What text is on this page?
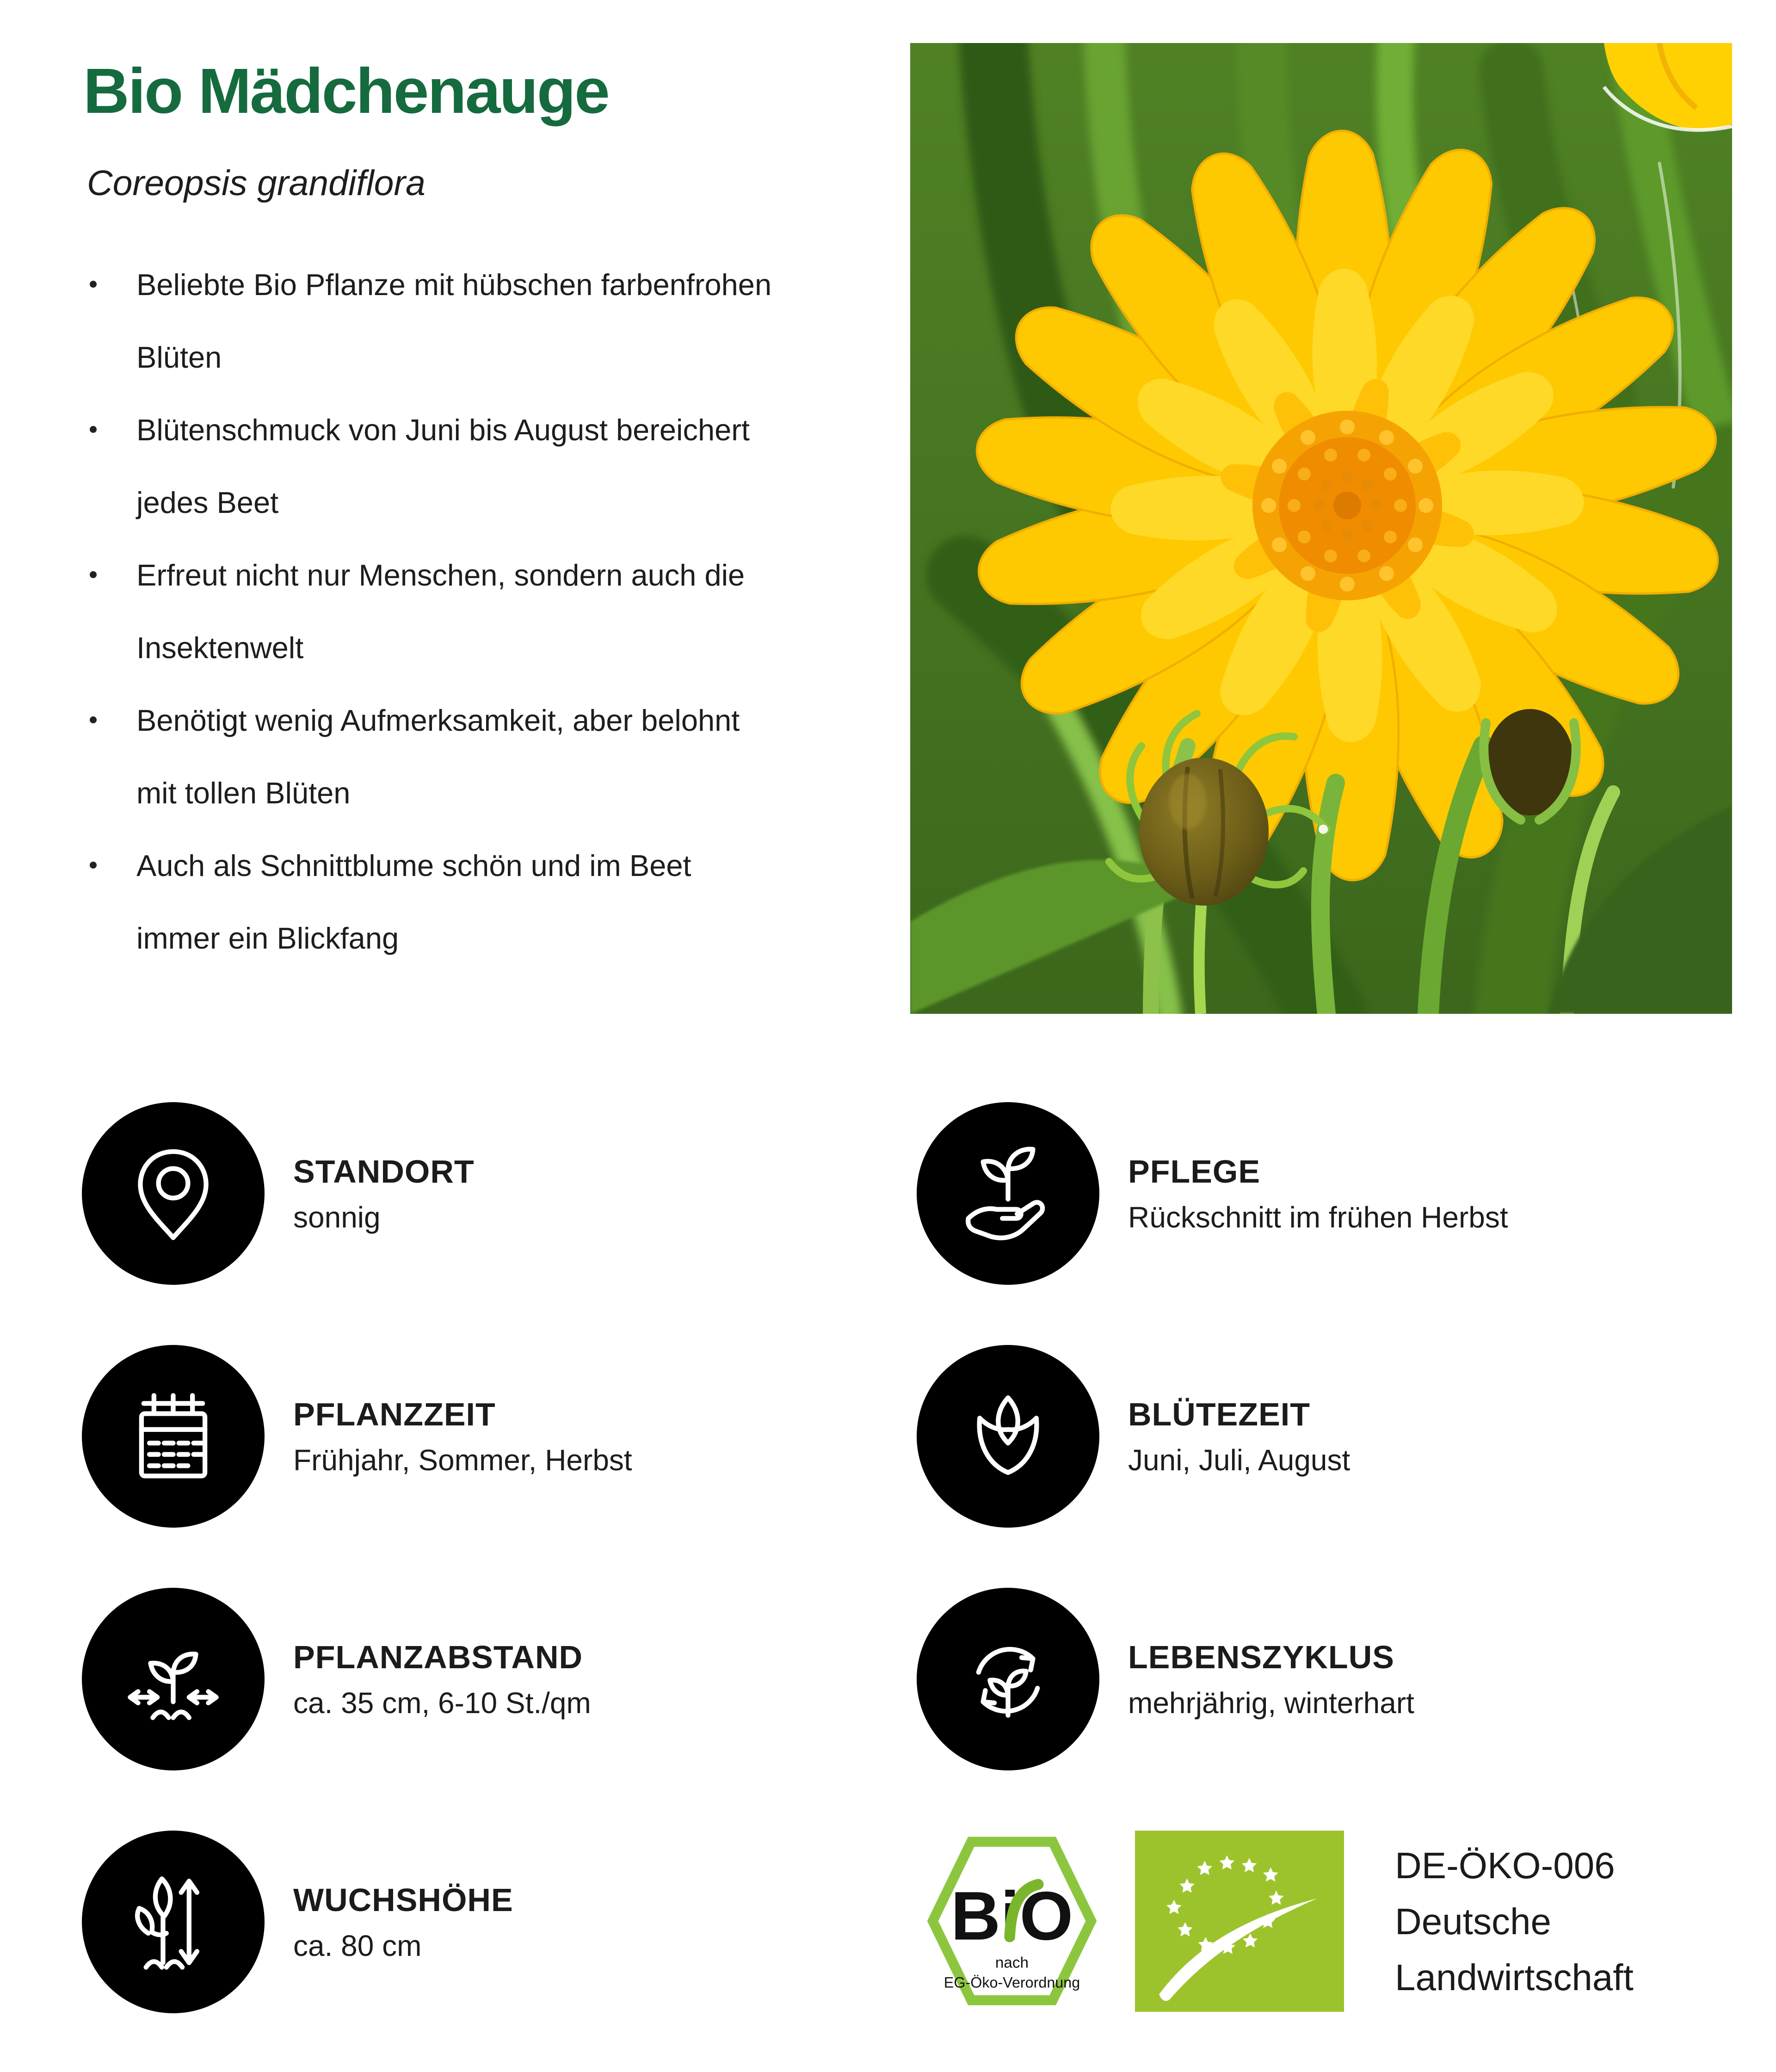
Bio Mädchenauge
Coreopsis grandiflora
Beliebte Bio Pflanze mit hübschen farbenfrohen Blüten
Blütenschmuck von Juni bis August bereichert jedes Beet
Erfreut nicht nur Menschen, sondern auch die Insektenwelt
Benötigt wenig Aufmerksamkeit, aber belohnt mit tollen Blüten
Auch als Schnittblume schön und im Beet immer ein Blickfang
STANDORT
sonnig
PFLANZZEIT
Frühjahr, Sommer, Herbst
PFLANZABSTAND
ca. 35 cm, 6-10 St./qm
WUCHSHÖHE
ca. 80 cm
PFLEGE
Rückschnitt im frühen Herbst
BLÜTEZEIT
Juni, Juli, August
LEBENSZYKLUS
mehrjährig, winterhart
BiO
nach
EG-Öko-Verordnung
DE-ÖKO-006
Deutsche
Landwirtschaft
